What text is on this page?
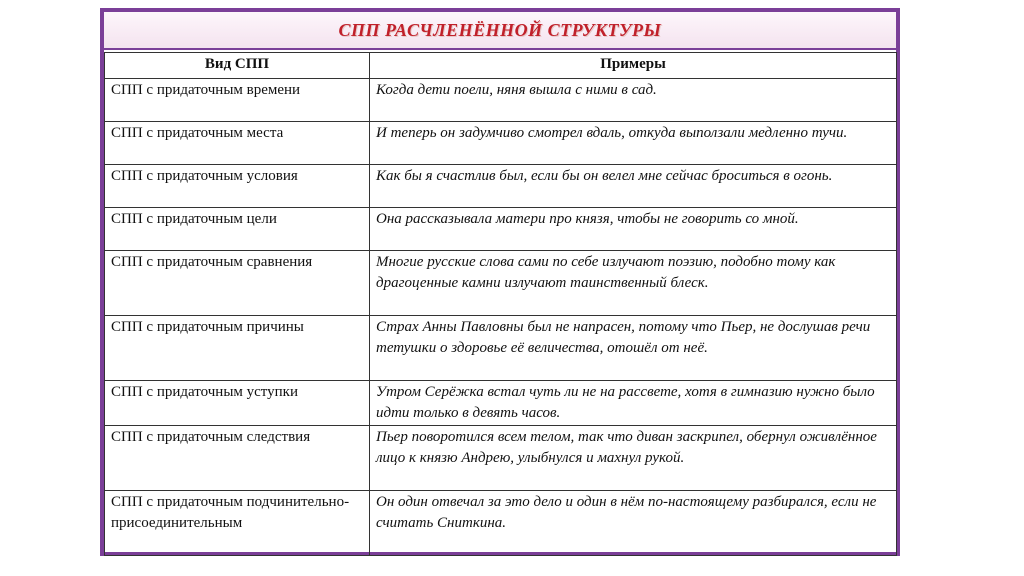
СПП РАСЧЛЕНЁННОЙ СТРУКТУРЫ
Вид СПП	Примеры
СПП с придаточным времени	Когда дети поели, няня вышла с ними в сад.
СПП с придаточным места	И теперь он задумчиво смотрел вдаль, откуда выползали медленно тучи.
СПП с придаточным условия	Как бы я счастлив был, если бы он велел мне сейчас броситься в огонь.
СПП с придаточным цели	Она рассказывала матери про князя, чтобы не говорить со мной.
СПП с придаточным сравнения	Многие русские слова сами по себе излучают поэзию, подобно тому как драгоценные камни излучают таинственный блеск.
СПП с придаточным причины	Страх Анны Павловны был не напрасен, потому что Пьер, не дослушав речи тетушки о здоровье её величества, отошёл от неё.
СПП с придаточным уступки	Утром Серёжка встал чуть ли не на рассвете, хотя в гимназию нужно было идти только в девять часов.
СПП с придаточным следствия	Пьер поворотился всем телом, так что диван заскрипел, обернул оживлённое лицо к князю Андрею, улыбнулся и махнул рукой.
СПП с придаточным подчинительно-присоединительным	Он один отвечал за это дело и один в нём по-настоящему разбирался, если не считать Сниткина.
